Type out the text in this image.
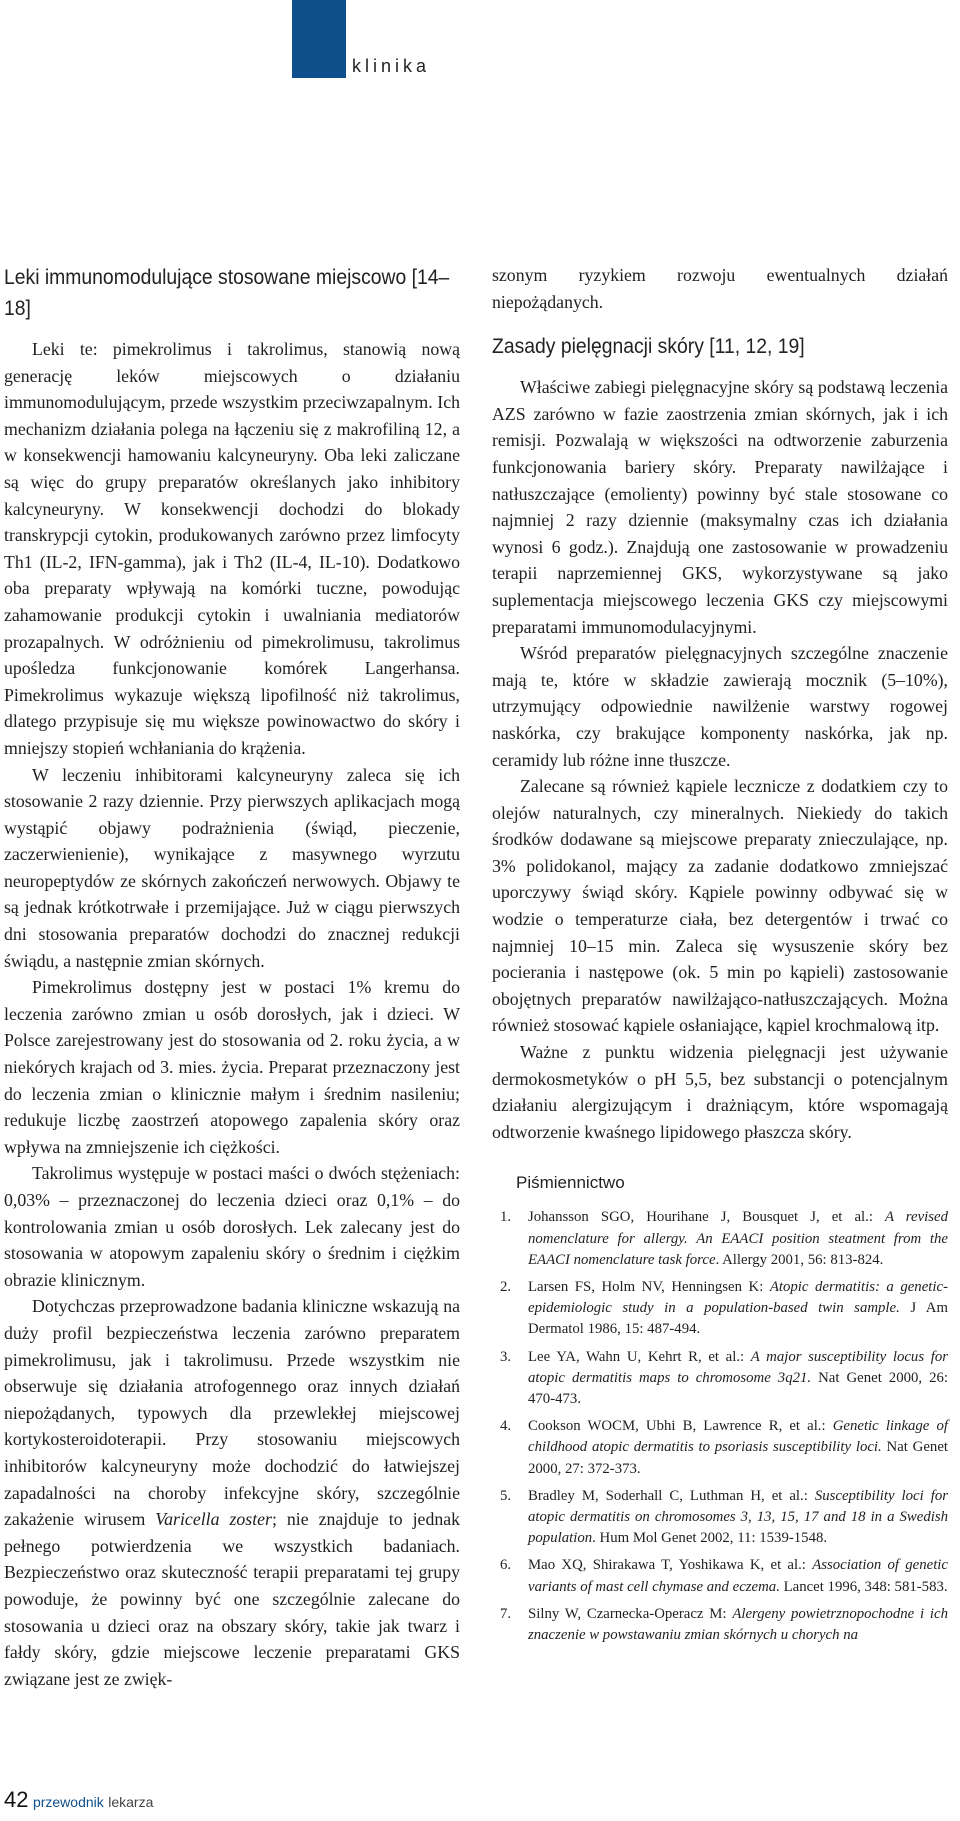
klinika
Leki immunomodulujące stosowane miejscowo [14–18]

Leki te: pimekrolimus i takrolimus, stanowią nową generację leków miejscowych o działaniu immunomodulującym, przede wszystkim przeciwzapalnym. Ich mechanizm działania polega na łączeniu się z makrofiliną 12, a w konsekwencji hamowaniu kalcyneuryny. Oba leki zaliczane są więc do grupy preparatów określanych jako inhibitory kalcyneuryny. W konsekwencji dochodzi do blokady transkrypcji cytokin, produkowanych zarówno przez limfocyty Th1 (IL-2, IFN-gamma), jak i Th2 (IL-4, IL-10). Dodatkowo oba preparaty wpływają na komórki tuczne, powodując zahamowanie produkcji cytokin i uwalniania mediatorów prozapalnych. W odróżnieniu od pimekrolimusu, takrolimus upośledza funkcjonowanie komórek Langerhansa. Pimekrolimus wykazuje większą lipofilność niż takrolimus, dlatego przypisuje się mu większe powinowactwo do skóry i mniejszy stopień wchłaniania do krążenia.

W leczeniu inhibitorami kalcyneuryny zaleca się ich stosowanie 2 razy dziennie. Przy pierwszych aplikacjach mogą wystąpić objawy podrażnienia (świąd, pieczenie, zaczerwienienie), wynikające z masywnego wyrzutu neuropeptydów ze skórnych zakończeń nerwowych. Objawy te są jednak krótkotrwałe i przemijające. Już w ciągu pierwszych dni stosowania preparatów dochodzi do znacznej redukcji świądu, a następnie zmian skórnych.

Pimekrolimus dostępny jest w postaci 1% kremu do leczenia zarówno zmian u osób dorosłych, jak i dzieci. W Polsce zarejestrowany jest do stosowania od 2. roku życia, a w niekórych krajach od 3. mies. życia. Preparat przeznaczony jest do leczenia zmian o klinicznie małym i średnim nasileniu; redukuje liczbę zaostrzeń atopowego zapalenia skóry oraz wpływa na zmniejszenie ich ciężkości.

Takrolimus występuje w postaci maści o dwóch stężeniach: 0,03% – przeznaczonej do leczenia dzieci oraz 0,1% – do kontrolowania zmian u osób dorosłych. Lek zalecany jest do stosowania w atopowym zapaleniu skóry o średnim i ciężkim obrazie klinicznym.

Dotychczas przeprowadzone badania kliniczne wskazują na duży profil bezpieczeństwa leczenia zarówno preparatem pimekrolimusu, jak i takrolimusu. Przede wszystkim nie obserwuje się działania atrofogennego oraz innych działań niepożądanych, typowych dla przewlekłej miejscowej kortykosteroidoterapii. Przy stosowaniu miejscowych inhibitorów kalcyneuryny może dochodzić do łatwiejszej zapadalności na choroby infekcyjne skóry, szczególnie zakażenie wirusem Varicella zoster; nie znajduje to jednak pełnego potwierdzenia we wszystkich badaniach. Bezpieczeństwo oraz skuteczność terapii preparatami tej grupy powoduje, że powinny być one szczególnie zalecane do stosowania u dzieci oraz na obszary skóry, takie jak twarz i fałdy skóry, gdzie miejscowe leczenie preparatami GKS związane jest ze zwięk-

szonym ryzykiem rozwoju ewentualnych działań niepożądanych.

Zasady pielęgnacji skóry [11, 12, 19]

Właściwe zabiegi pielęgnacyjne skóry są podstawą leczenia AZS zarówno w fazie zaostrzenia zmian skórnych, jak i ich remisji. Pozwalają w większości na odtworzenie zaburzenia funkcjonowania bariery skóry. Preparaty nawilżające i natłuszczające (emolienty) powinny być stale stosowane co najmniej 2 razy dziennie (maksymalny czas ich działania wynosi 6 godz.). Znajdują one zastosowanie w prowadzeniu terapii naprzemiennej GKS, wykorzystywane są jako suplementacja miejscowego leczenia GKS czy miejscowymi preparatami immunomodulacyjnymi.

Wśród preparatów pielęgnacyjnych szczególne znaczenie mają te, które w składzie zawierają mocznik (5–10%), utrzymujący odpowiednie nawilżenie warstwy rogowej naskórka, czy brakujące komponenty naskórka, jak np. ceramidy lub różne inne tłuszcze.

Zalecane są również kąpiele lecznicze z dodatkiem czy to olejów naturalnych, czy mineralnych. Niekiedy do takich środków dodawane są miejscowe preparaty znieczulające, np. 3% polidokanol, mający za zadanie dodatkowo zmniejszać uporczywy świąd skóry. Kąpiele powinny odbywać się w wodzie o temperaturze ciała, bez detergentów i trwać co najmniej 10–15 min. Zaleca się wysuszenie skóry bez pocierania i następowe (ok. 5 min po kąpieli) zastosowanie obojętnych preparatów nawilżająco-natłuszczających. Można również stosować kąpiele osłaniające, kąpiel krochmalową itp.

Ważne z punktu widzenia pielęgnacji jest używanie dermokosmetyków o pH 5,5, bez substancji o potencjalnym działaniu alergizującym i drażniącym, które wspomagają odtworzenie kwaśnego lipidowego płaszcza skóry.

Piśmiennictwo
1. Johansson SGO, Hourihane J, Bousquet J, et al.: A revised nomenclature for allergy. An EAACI position steatment from the EAACI nomenclature task force. Allergy 2001, 56: 813-824.
2. Larsen FS, Holm NV, Henningsen K: Atopic dermatitis: a genetic-epidemiologic study in a population-based twin sample. J Am Dermatol 1986, 15: 487-494.
3. Lee YA, Wahn U, Kehrt R, et al.: A major susceptibility locus for atopic dermatitis maps to chromosome 3q21. Nat Genet 2000, 26: 470-473.
4. Cookson WOCM, Ubhi B, Lawrence R, et al.: Genetic linkage of childhood atopic dermatitis to psoriasis susceptibility loci. Nat Genet 2000, 27: 372-373.
5. Bradley M, Soderhall C, Luthman H, et al.: Susceptibility loci for atopic dermatitis on chromosomes 3, 13, 15, 17 and 18 in a Swedish population. Hum Mol Genet 2002, 11: 1539-1548.
6. Mao XQ, Shirakawa T, Yoshikawa K, et al.: Association of genetic variants of mast cell chymase and eczema. Lancet 1996, 348: 581-583.
7. Silny W, Czarnecka-Operacz M: Alergeny powietrznopochodne i ich znaczenie w powstawaniu zmian skórnych u chorych na
42 przewodnik lekarza
